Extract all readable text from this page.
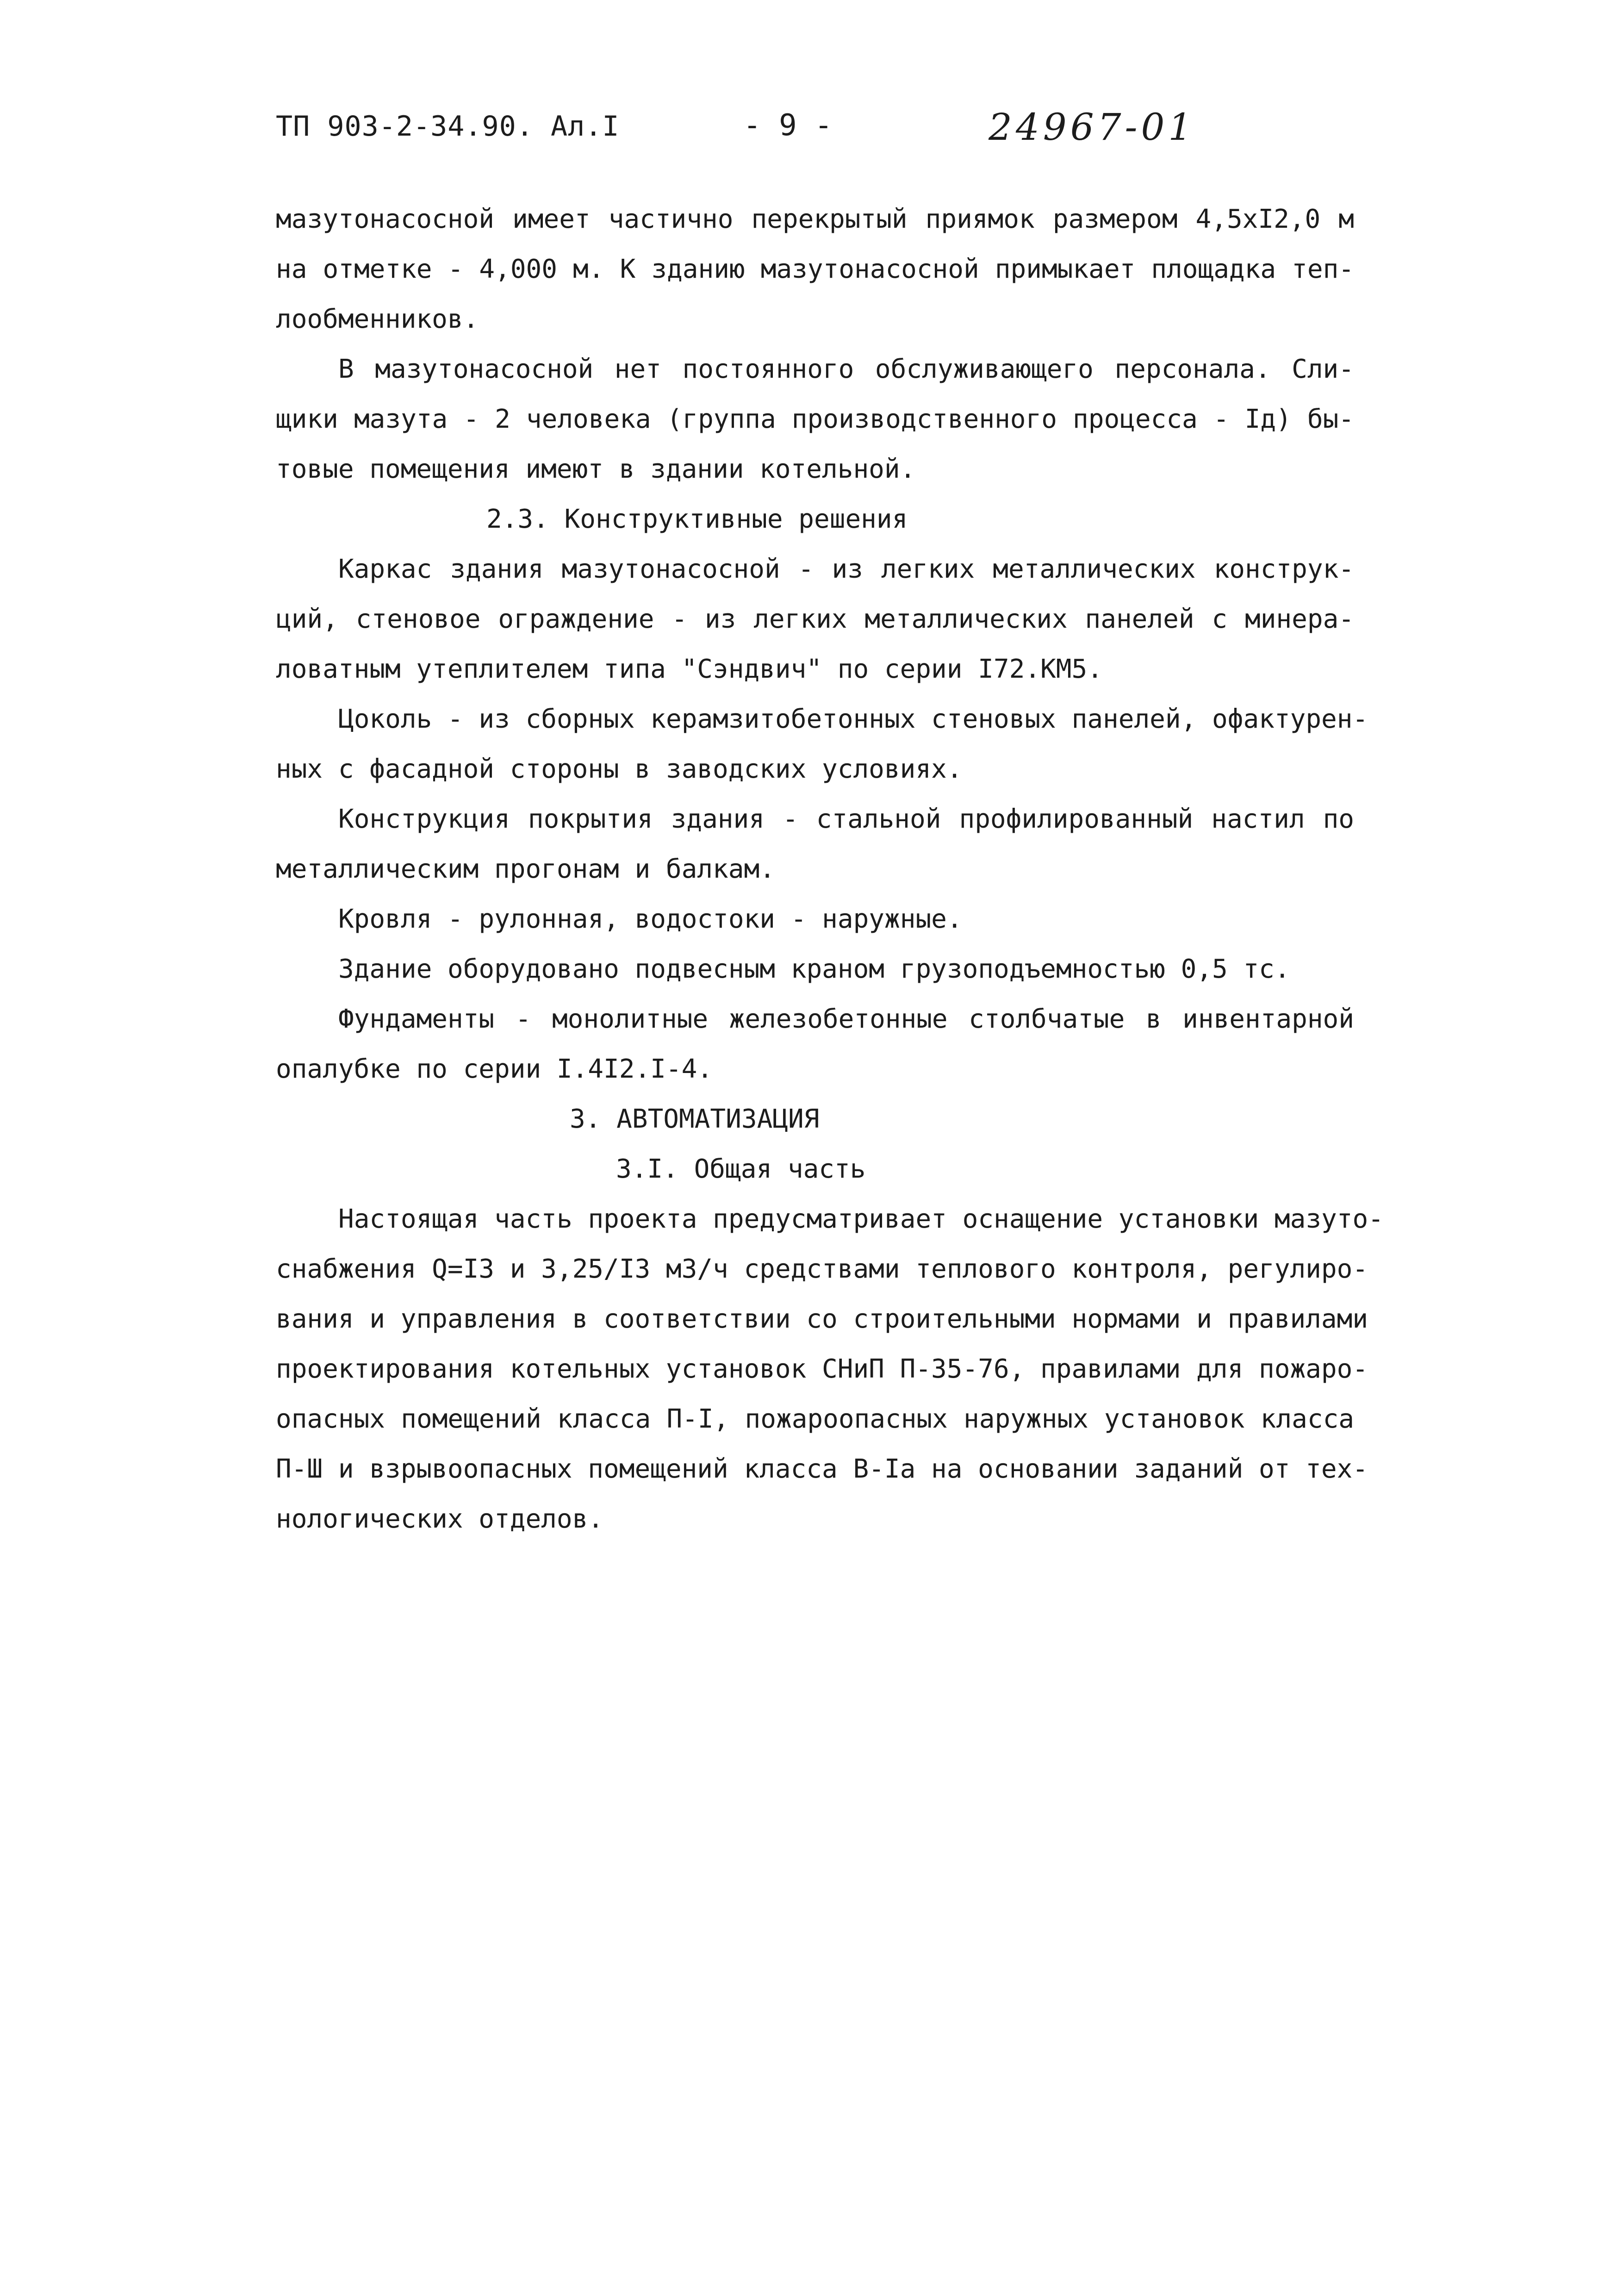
ТП 903-2-34.90. Ал.I	- 9 -	24967-01
мазутонасосной имеет частично перекрытый приямок размером 4,5хI2,0 м
на отметке - 4,000 м. К зданию мазутонасосной примыкает площадка теп-
лообменников.
В мазутонасосной нет постоянного обслуживающего персонала. Сли-
щики мазута - 2 человека (группа производственного процесса - Iд) бы-
товые помещения имеют в здании котельной.
2.3. Конструктивные решения
Каркас здания мазутонасосной - из легких металлических конструк-
ций, стеновое ограждение - из легких металлических панелей с минера-
ловатным утеплителем типа "Сэндвич" по серии I72.КМ5.
Цоколь - из сборных керамзитобетонных стеновых панелей, офактурен-
ных с фасадной стороны в заводских условиях.
Конструкция покрытия здания - стальной профилированный настил по
металлическим прогонам и балкам.
Кровля - рулонная, водостоки - наружные.
Здание оборудовано подвесным краном грузоподъемностью 0,5 тс.
Фундаменты - монолитные железобетонные столбчатые в инвентарной
опалубке по серии I.4I2.I-4.
3. АВТОМАТИЗАЦИЯ
3.I. Общая часть
Настоящая часть проекта предусматривает оснащение установки мазуто-
снабжения Q=I3 и 3,25/I3 м3/ч средствами теплового контроля, регулиро-
вания и управления в соответствии со строительными нормами и правилами
проектирования котельных установок СНиП П-35-76, правилами для пожаро-
опасных помещений класса П-I, пожароопасных наружных установок класса
П-Ш и взрывоопасных помещений класса В-Iа на основании заданий от тех-
нологических отделов.
